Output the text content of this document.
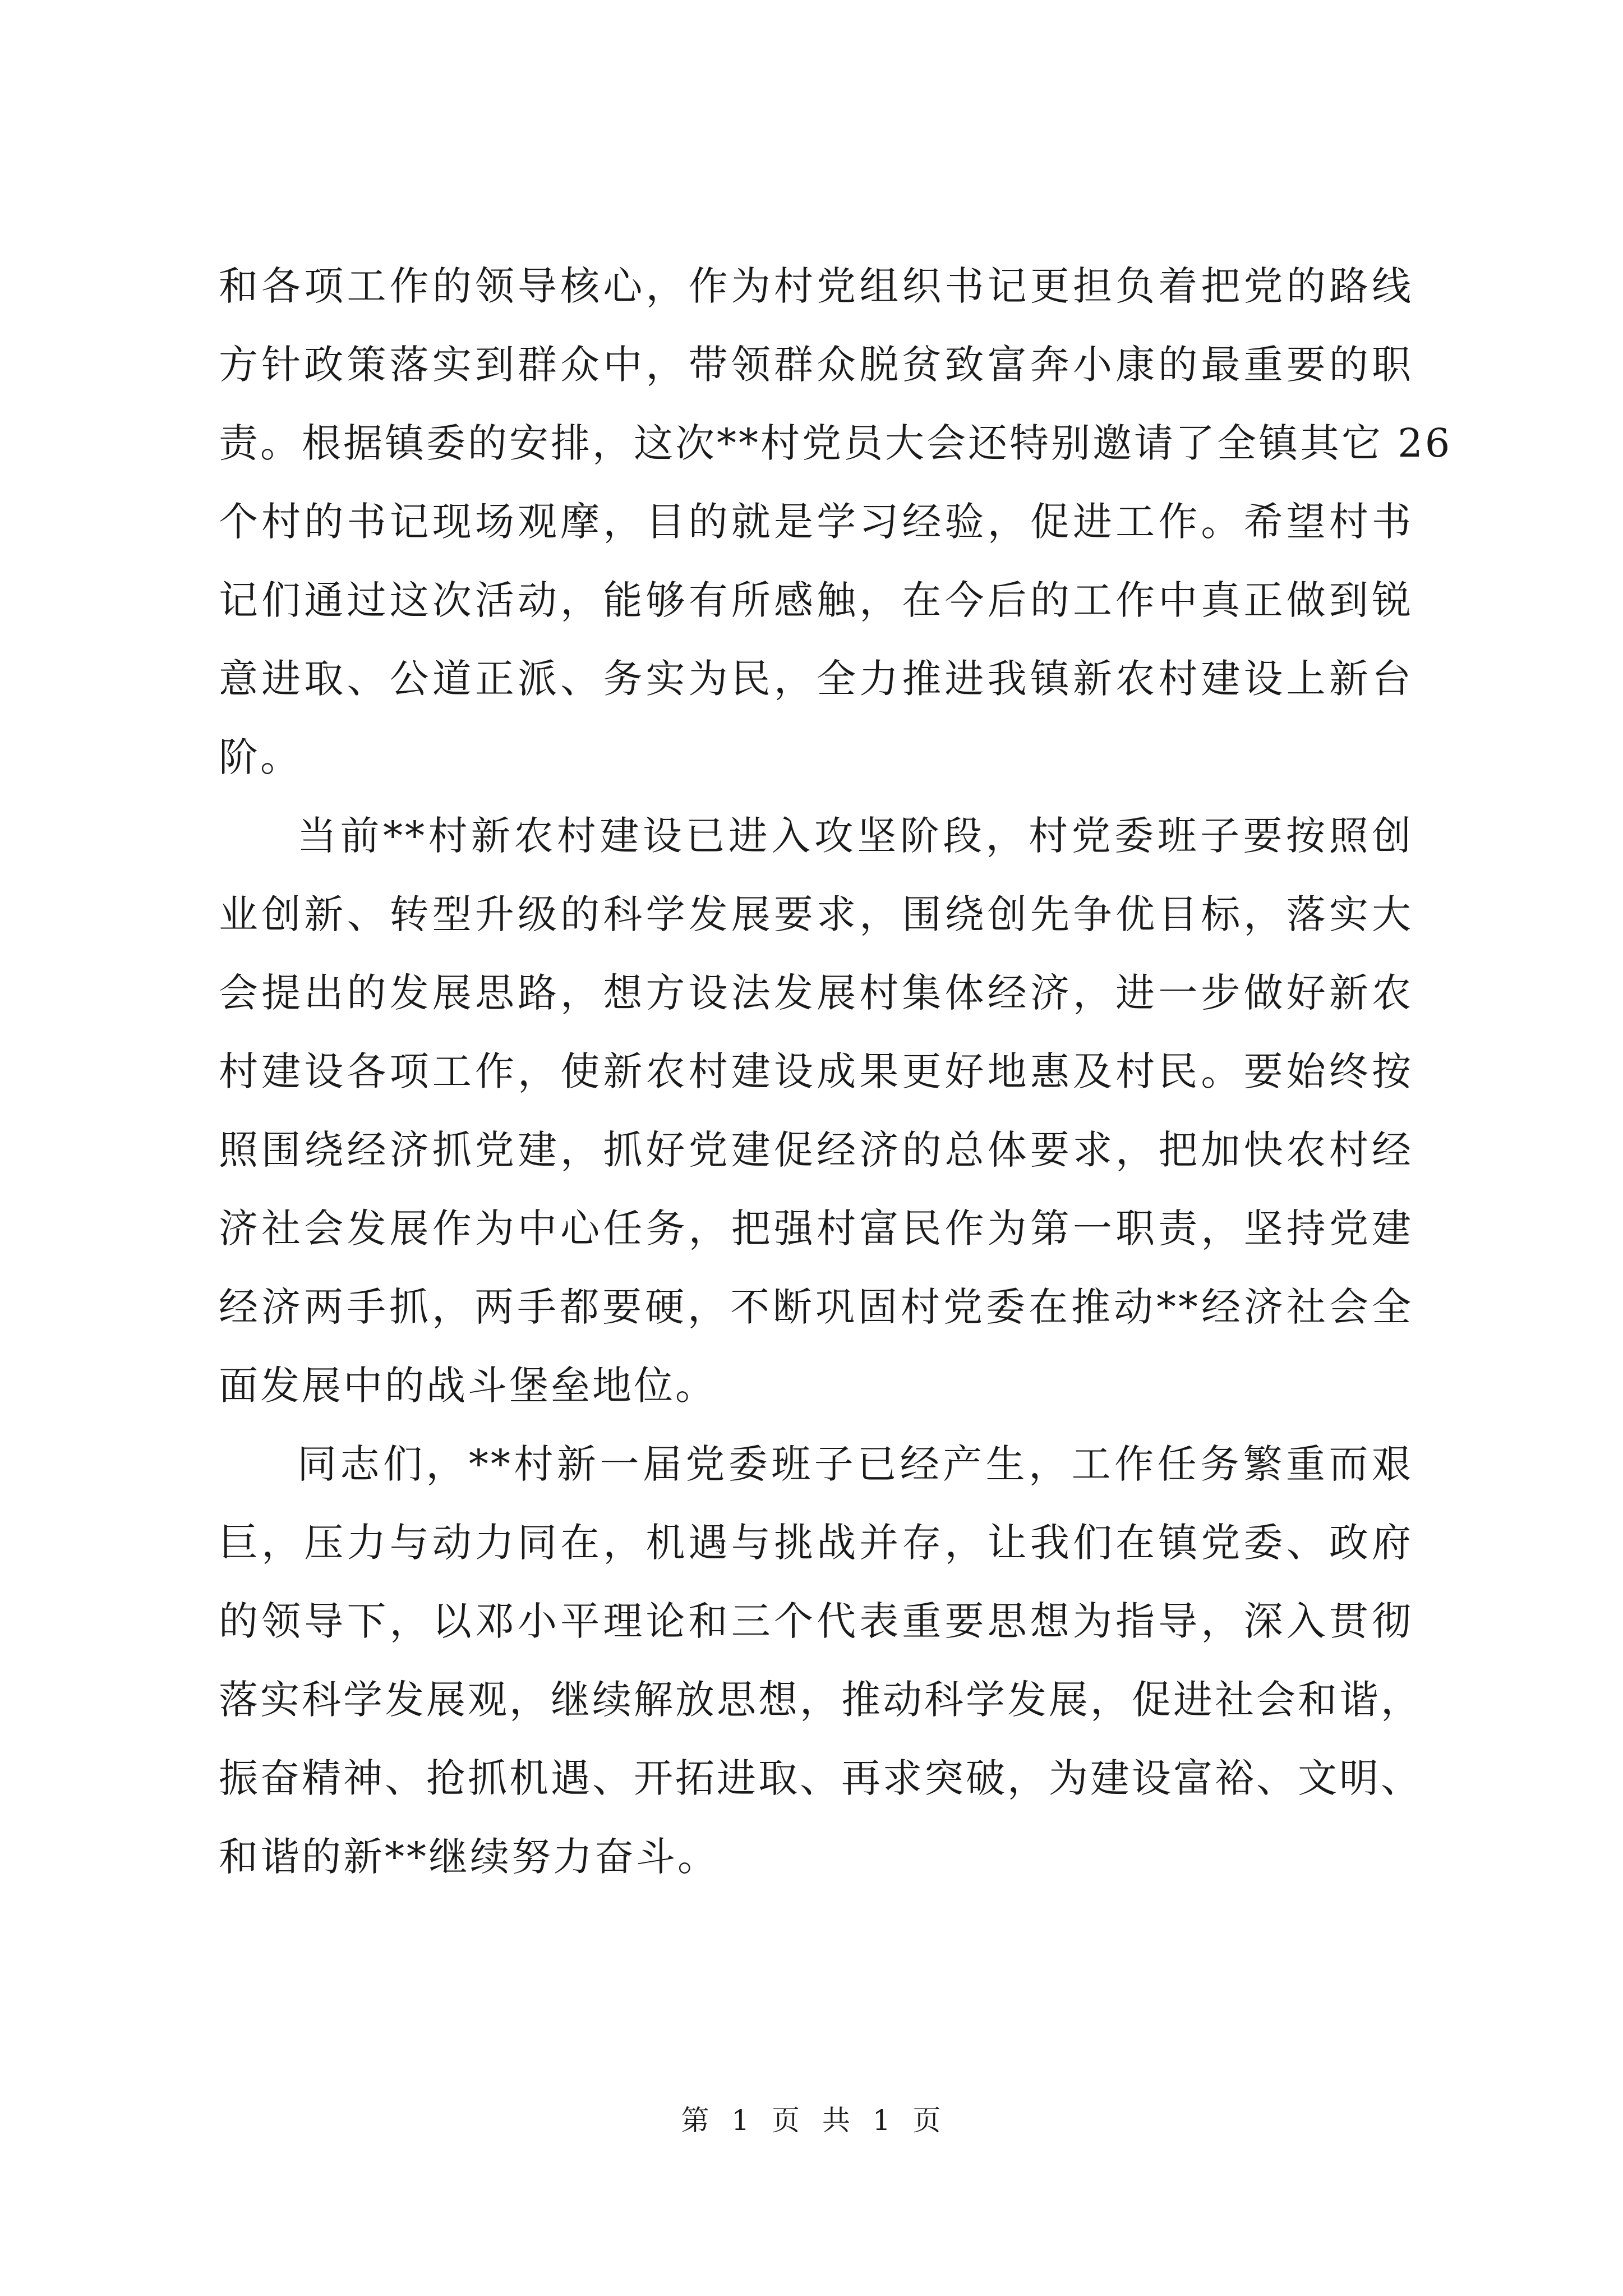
和各项工作的领导核心，作为村党组织书记更担负着把党的路线
方针政策落实到群众中，带领群众脱贫致富奔小康的最重要的职
责。根据镇委的安排，这次**村党员大会还特别邀请了全镇其它 26
个村的书记现场观摩，目的就是学习经验，促进工作。希望村书
记们通过这次活动，能够有所感触，在今后的工作中真正做到锐
意进取、公道正派、务实为民，全力推进我镇新农村建设上新台
阶。
当前**村新农村建设已进入攻坚阶段，村党委班子要按照创
业创新、转型升级的科学发展要求，围绕创先争优目标，落实大
会提出的发展思路，想方设法发展村集体经济，进一步做好新农
村建设各项工作，使新农村建设成果更好地惠及村民。要始终按
照围绕经济抓党建，抓好党建促经济的总体要求，把加快农村经
济社会发展作为中心任务，把强村富民作为第一职责，坚持党建
经济两手抓，两手都要硬，不断巩固村党委在推动**经济社会全
面发展中的战斗堡垒地位。
同志们，**村新一届党委班子已经产生，工作任务繁重而艰
巨，压力与动力同在，机遇与挑战并存，让我们在镇党委、政府
的领导下，以邓小平理论和三个代表重要思想为指导，深入贯彻
落实科学发展观，继续解放思想，推动科学发展，促进社会和谐，
振奋精神、抢抓机遇、开拓进取、再求突破，为建设富裕、文明、
和谐的新**继续努力奋斗。
第 1 页 共 1 页
